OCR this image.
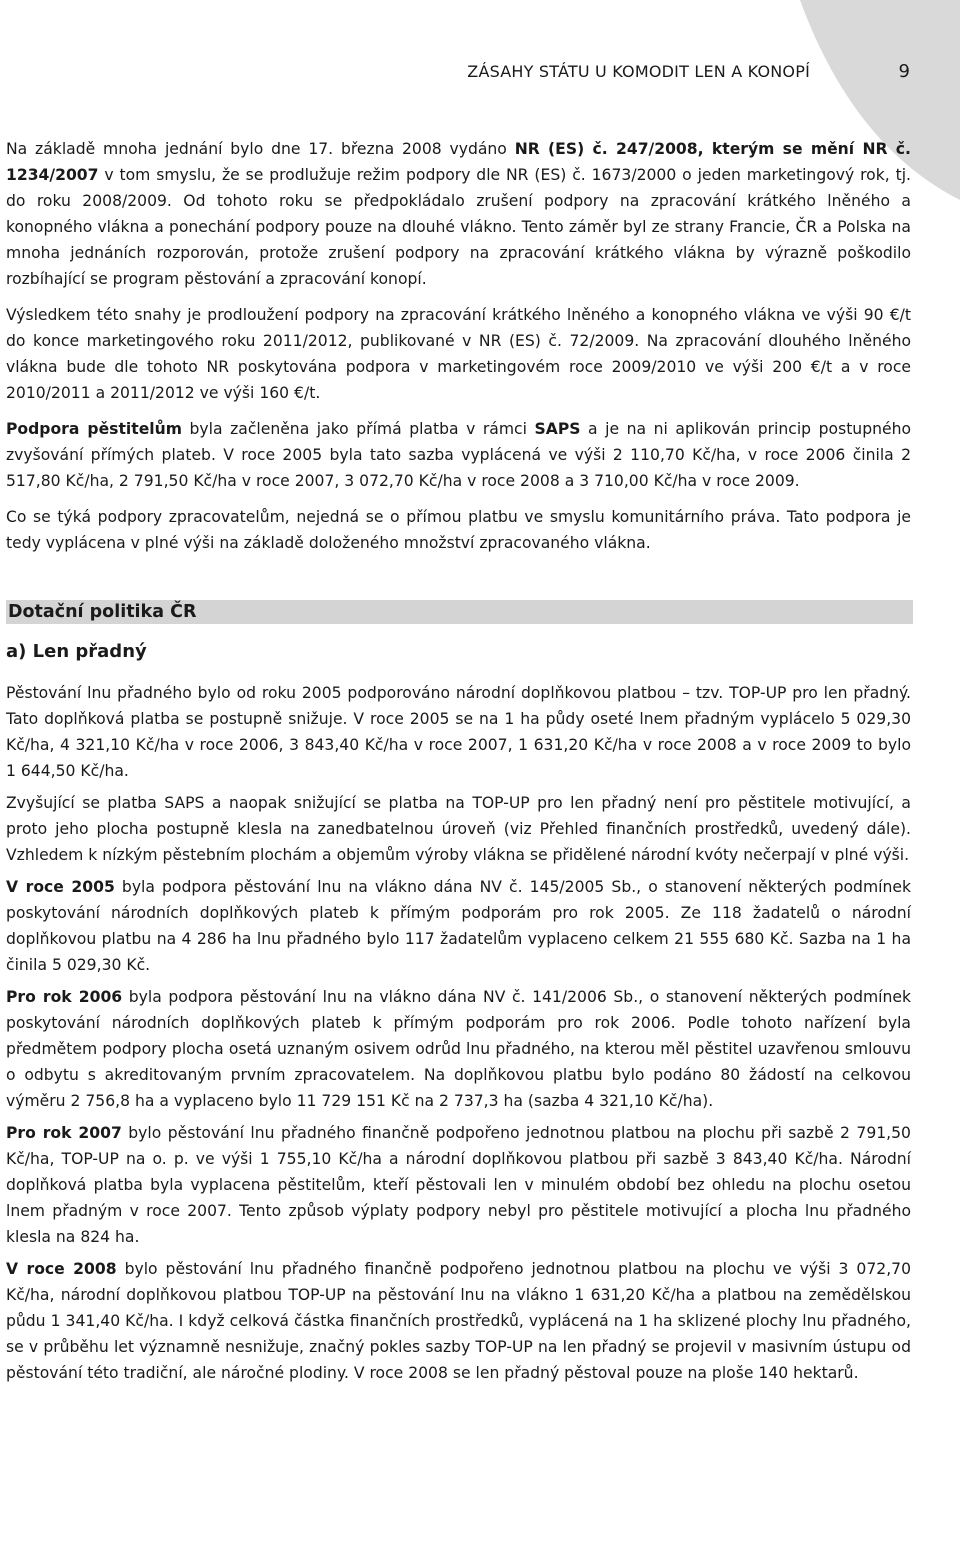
ZÁSAHY STÁTU U KOMODIT LEN A KONOPÍ	9

Na základě mnoha jednání bylo dne 17. března 2008 vydáno NR (ES) č. 247/2008, kterým se mění NR č. 1234/2007 v tom smyslu, že se prodlužuje režim podpory dle NR (ES) č. 1673/2000 o jeden marketingový rok, tj. do roku 2008/2009. Od tohoto roku se předpokládalo zrušení podpory na zpracování krátkého lněného a konopného vlákna a ponechání podpory pouze na dlouhé vlákno. Tento záměr byl ze strany Francie, ČR a Polska na mnoha jednáních rozporován, protože zrušení podpory na zpracování krátkého vlákna by výrazně poškodilo rozbíhající se program pěstování a zpracování konopí.

Výsledkem této snahy je prodloužení podpory na zpracování krátkého lněného a konopného vlákna ve výši 90 €/t do konce marketingového roku 2011/2012, publikované v NR (ES) č. 72/2009. Na zpracování dlouhého lněného vlákna bude dle tohoto NR poskytována podpora v marketingovém roce 2009/2010 ve výši 200 €/t a v roce 2010/2011 a 2011/2012 ve výši 160 €/t.

Podpora pěstitelům byla začleněna jako přímá platba v rámci SAPS a je na ni aplikován princip postupného zvyšování přímých plateb. V roce 2005 byla tato sazba vyplácená ve výši 2 110,70 Kč/ha, v roce 2006 činila 2 517,80 Kč/ha, 2 791,50 Kč/ha v roce 2007, 3 072,70 Kč/ha v roce 2008 a 3 710,00 Kč/ha v roce 2009.

Co se týká podpory zpracovatelům, nejedná se o přímou platbu ve smyslu komunitárního práva. Tato podpora je tedy vyplácena v plné výši na základě doloženého množství zpracovaného vlákna.

Dotační politika ČR
a) Len přadný

Pěstování lnu přadného bylo od roku 2005 podporováno národní doplňkovou platbou – tzv. TOP-UP pro len přadný. Tato doplňková platba se postupně snižuje. V roce 2005 se na 1 ha půdy oseté lnem přadným vyplácelo 5 029,30 Kč/ha, 4 321,10 Kč/ha v roce 2006, 3 843,40 Kč/ha v roce 2007, 1 631,20 Kč/ha v roce 2008 a v roce 2009 to bylo 1 644,50 Kč/ha.

Zvyšující se platba SAPS a naopak snižující se platba na TOP-UP pro len přadný není pro pěstitele motivující, a proto jeho plocha postupně klesla na zanedbatelnou úroveň (viz Přehled finančních prostředků, uvedený dále). Vzhledem k nízkým pěstebním plochám a objemům výroby vlákna se přidělené národní kvóty nečerpají v plné výši.

V roce 2005 byla podpora pěstování lnu na vlákno dána NV č. 145/2005 Sb., o stanovení některých podmínek poskytování národních doplňkových plateb k přímým podporám pro rok 2005. Ze 118 žadatelů o národní doplňkovou platbu na 4 286 ha lnu přadného bylo 117 žadatelům vyplaceno celkem 21 555 680 Kč. Sazba na 1 ha činila 5 029,30 Kč.

Pro rok 2006 byla podpora pěstování lnu na vlákno dána NV č. 141/2006 Sb., o stanovení některých podmínek poskytování národních doplňkových plateb k přímým podporám pro rok 2006. Podle tohoto nařízení byla předmětem podpory plocha osetá uznaným osivem odrůd lnu přadného, na kterou měl pěstitel uzavřenou smlouvu o odbytu s akreditovaným prvním zpracovatelem. Na doplňkovou platbu bylo podáno 80 žádostí na celkovou výměru 2 756,8 ha a vyplaceno bylo 11 729 151 Kč na 2 737,3 ha (sazba 4 321,10 Kč/ha).

Pro rok 2007 bylo pěstování lnu přadného finančně podpořeno jednotnou platbou na plochu při sazbě 2 791,50 Kč/ha, TOP-UP na o. p. ve výši 1 755,10 Kč/ha a národní doplňkovou platbou při sazbě 3 843,40 Kč/ha. Národní doplňková platba byla vyplacena pěstitelům, kteří pěstovali len v minulém období bez ohledu na plochu osetou lnem přadným v roce 2007. Tento způsob výplaty podpory nebyl pro pěstitele motivující a plocha lnu přadného klesla na 824 ha.

V roce 2008 bylo pěstování lnu přadného finančně podpořeno jednotnou platbou na plochu ve výši 3 072,70 Kč/ha, národní doplňkovou platbou TOP-UP na pěstování lnu na vlákno 1 631,20 Kč/ha a platbou na zemědělskou půdu 1 341,40 Kč/ha. I když celková částka finančních prostředků, vyplácená na 1 ha sklizené plochy lnu přadného, se v průběhu let významně nesnižuje, značný pokles sazby TOP-UP na len přadný se projevil v masivním ústupu od pěstování této tradiční, ale náročné plodiny. V roce 2008 se len přadný pěstoval pouze na ploše 140 hektarů.
